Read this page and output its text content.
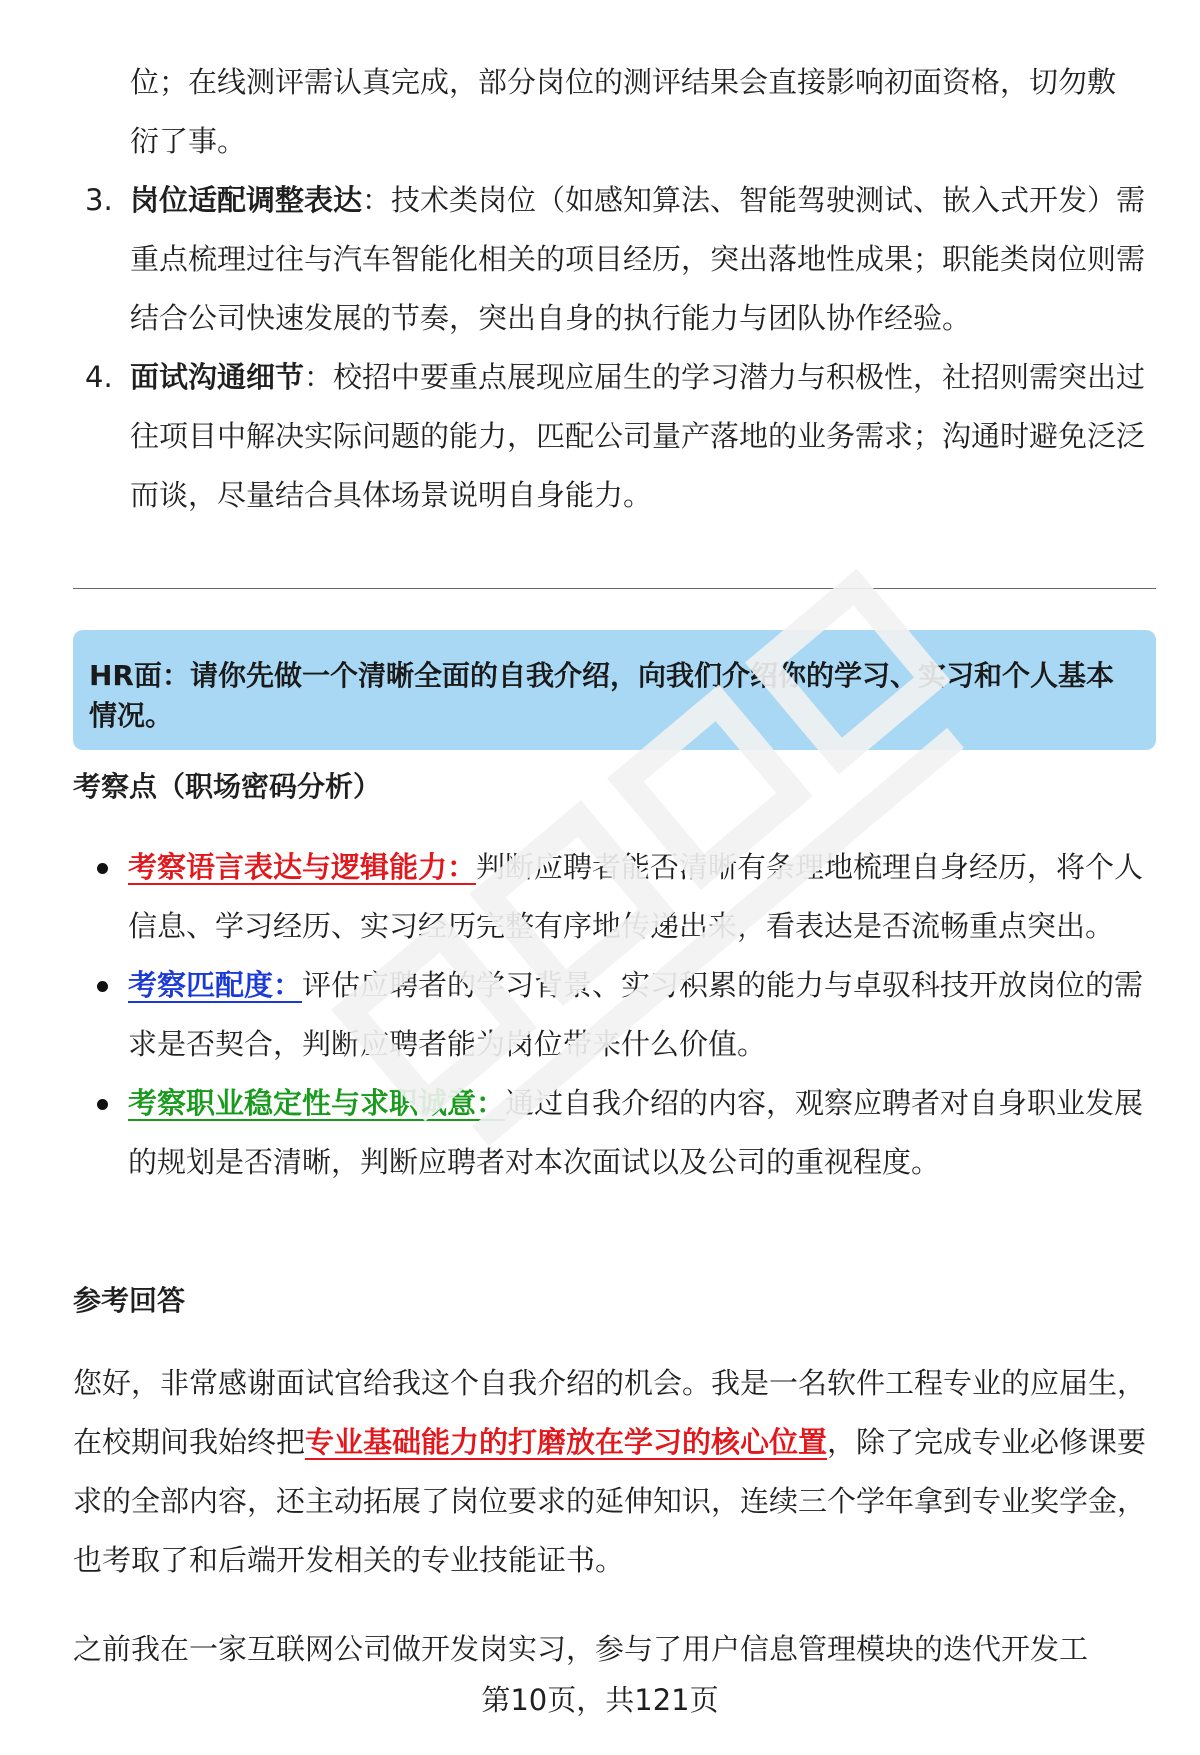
位；在线测评需认真完成，部分岗位的测评结果会直接影响初面资格，切勿敷
衍了事。
3. 岗位适配调整表达：技术类岗位（如感知算法、智能驾驶测试、嵌入式开发）需重点梳理过往与汽车智能化相关的项目经历，突出落地性成果；职能类岗位则需结合公司快速发展的节奏，突出自身的执行能力与团队协作经验。
4. 面试沟通细节：校招中要重点展现应届生的学习潜力与积极性，社招则需突出过往项目中解决实际问题的能力，匹配公司量产落地的业务需求；沟通时避免泛泛而谈，尽量结合具体场景说明自身能力。
HR面：请你先做一个清晰全面的自我介绍，向我们介绍你的学习、实习和个人基本情况。
考察点（职场密码分析）
考察语言表达与逻辑能力：判断应聘者能否清晰有条理地梳理自身经历，将个人信息、学习经历、实习经历完整有序地传递出来，看表达是否流畅重点突出。
考察匹配度：评估应聘者的学习背景、实习积累的能力与卓驭科技开放岗位的需求是否契合，判断应聘者能为岗位带来什么价值。
考察职业稳定性与求职诚意：通过自我介绍的内容，观察应聘者对自身职业发展的规划是否清晰，判断应聘者对本次面试以及公司的重视程度。
参考回答
您好，非常感谢面试官给我这个自我介绍的机会。我是一名软件工程专业的应届生，在校期间我始终把专业基础能力的打磨放在学习的核心位置，除了完成专业必修课要求的全部内容，还主动拓展了岗位要求的延伸知识，连续三个学年拿到专业奖学金，也考取了和后端开发相关的专业技能证书。
之前我在一家互联网公司做开发岗实习，参与了用户信息管理模块的迭代开发工
第10页，共121页
